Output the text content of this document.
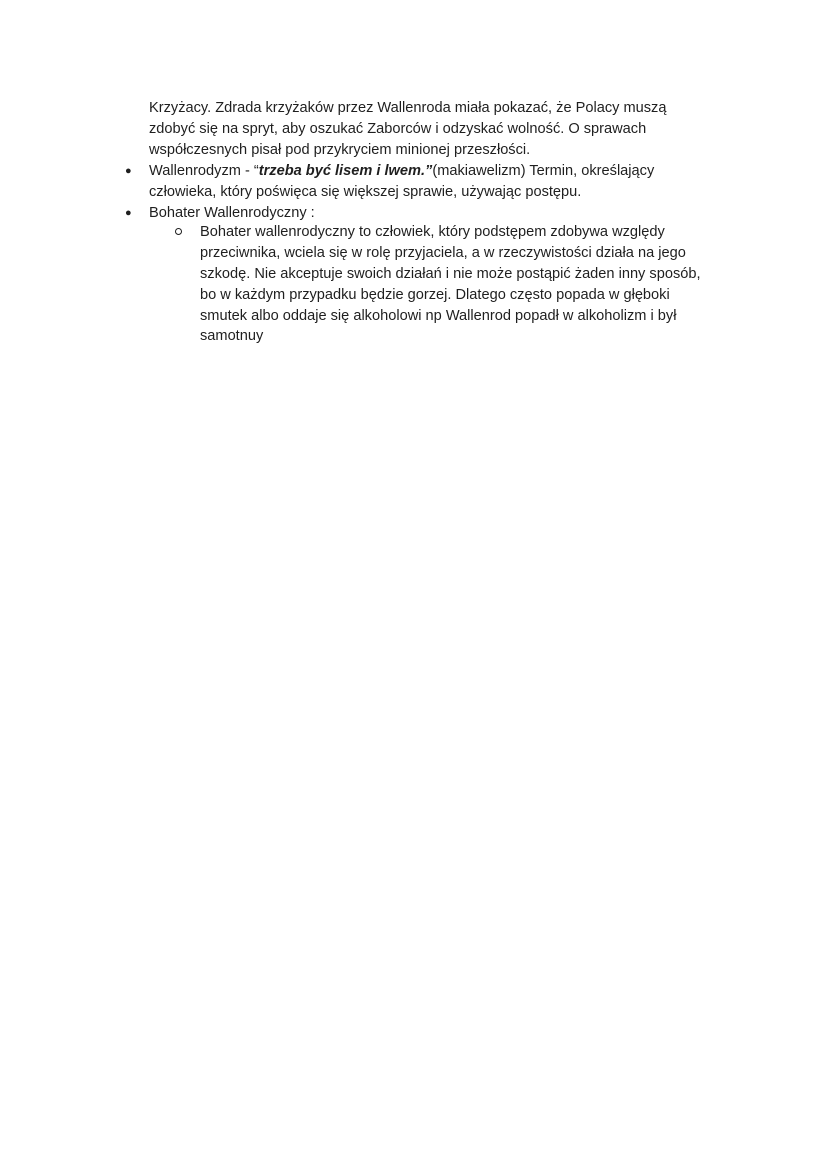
Krzyżacy. Zdrada krzyżaków przez Wallenroda miała pokazać, że Polacy muszą
zdobyć się na spryt, aby oszukać Zaborców i odzyskać wolność. O sprawach
współczesnych pisał pod przykryciem minionej przeszłości.
● Wallenrodyzm - “trzeba być lisem i lwem.”(makiawelizm) Termin, określający
człowieka, który poświęca się większej sprawie, używając postępu.
● Bohater Wallenrodyczny :
Bohater wallenrodyczny to człowiek, który podstępem zdobywa względy
przeciwnika, wciela się w rolę przyjaciela, a w rzeczywistości działa na jego
szkodę. Nie akceptuje swoich działań i nie może postąpić żaden inny sposób,
bo w każdym przypadku będzie gorzej. Dlatego często popada w głęboki
smutek albo oddaje się alkoholowi np Wallenrod popadł w alkoholizm i był
samotnuy
